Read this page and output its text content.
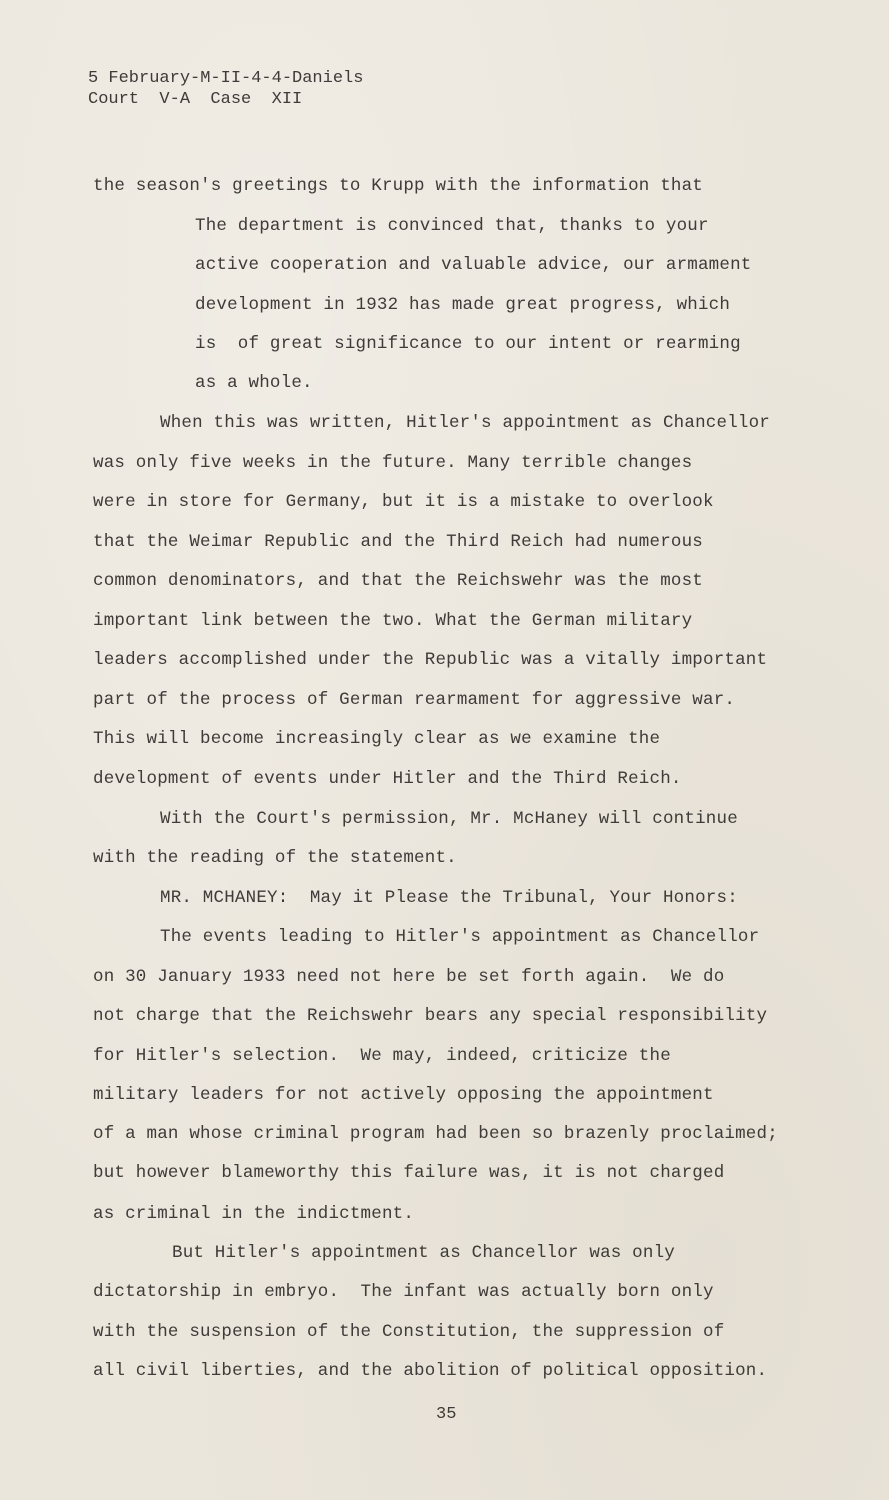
5 February-M-II-4-4-Daniels
Court  V-A  Case  XII
the season's greetings to Krupp with the information that
The department is convinced that, thanks to your
active cooperation and valuable advice, our armament
development in 1932 has made great progress, which
is  of great significance to our intent or rearming
as a whole.
When this was written, Hitler's appointment as Chancellor
was only five weeks in the future. Many terrible changes
were in store for Germany, but it is a mistake to overlook
that the Weimar Republic and the Third Reich had numerous
common denominators, and that the Reichswehr was the most
important link between the two. What the German military
leaders accomplished under the Republic was a vitally important
part of the process of German rearmament for aggressive war.
This will become increasingly clear as we examine the
development of events under Hitler and the Third Reich.
With the Court's permission, Mr. McHaney will continue
with the reading of the statement.
MR. MCHANEY:  May it Please the Tribunal, Your Honors:
The events leading to Hitler's appointment as Chancellor
on 30 January 1933 need not here be set forth again.  We do
not charge that the Reichswehr bears any special responsibility
for Hitler's selection.  We may, indeed, criticize the
military leaders for not actively opposing the appointment
of a man whose criminal program had been so brazenly proclaimed;
but however blameworthy this failure was, it is not charged
as criminal in the indictment.
But Hitler's appointment as Chancellor was only
dictatorship in embryo.  The infant was actually born only
with the suspension of the Constitution, the suppression of
all civil liberties, and the abolition of political opposition.
35
